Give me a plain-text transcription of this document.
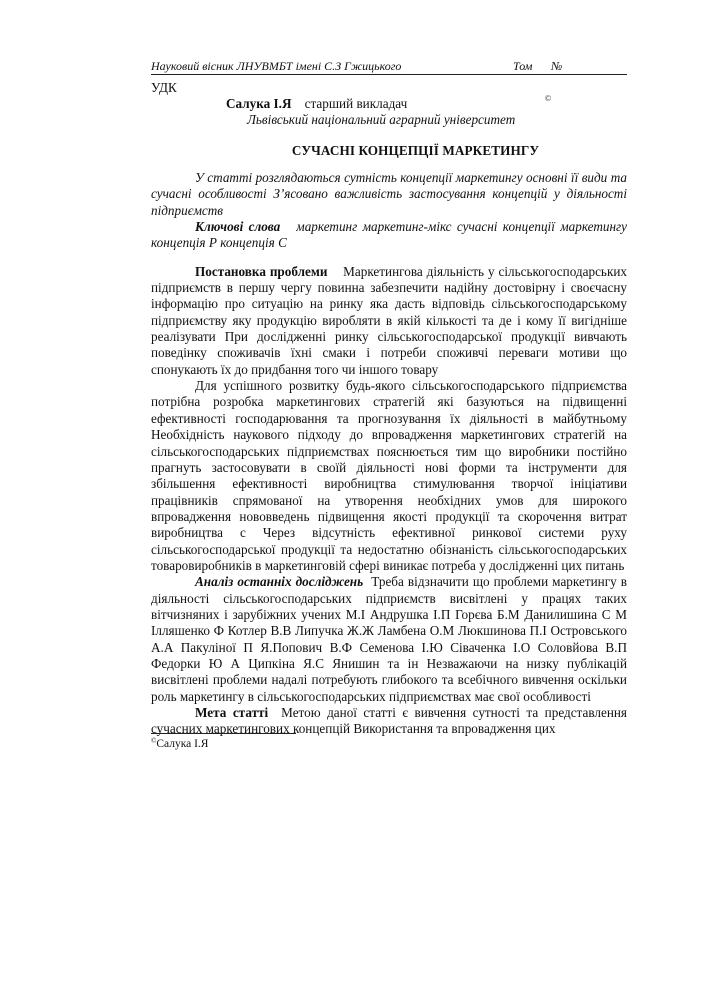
Науковий вісник ЛНУВМБТ імені С.З Гжицького	Том №
УДК
Салука І.Я старший викладач	©
Львівський національний аграрний університет
СУЧАСНІ КОНЦЕПЦІЇ МАРКЕТИНГУ

У статті розглядаються сутність концепції маркетингу основні її види та сучасні особливості З’ясовано важливість застосування концепцій у діяльності підприємств

Ключові слова маркетинг маркетинг-мікс сучасні концепції маркетингу концепція Р концепція С

Постановка проблеми Маркетингова діяльність у сільськогосподарських підприємств в першу чергу повинна забезпечити надійну достовірну і своєчасну інформацію про ситуацію на ринку яка дасть відповідь сільськогосподарському підприємству яку продукцію виробляти в якій кількості та де і кому її вигідніше реалізувати При дослідженні ринку сільськогосподарської продукції вивчають поведінку споживачів їхні смаки і потреби споживчі переваги мотиви що спонукають їх до придбання того чи іншого товару

Для успішного розвитку будь-якого сільськогосподарського підприємства потрібна розробка маркетингових стратегій які базуються на підвищенні ефективності господарювання та прогнозування їх діяльності в майбутньому Необхідність наукового підходу до впровадження маркетингових стратегій на сільськогосподарських підприємствах пояснюється тим що виробники постійно прагнуть застосовувати в своїй діяльності нові форми та інструменти для збільшення ефективності виробництва стимулювання творчої ініціативи працівників спрямованої на утворення необхідних умов для широкого впровадження нововведень підвищення якості продукції та скорочення витрат виробництва с Через відсутність ефективної ринкової системи руху сільськогосподарської продукції та недостатню обізнаність сільськогосподарських товаровиробників в маркетинговій сфері виникає потреба у дослідженні цих питань

Аналіз останніх досліджень Треба відзначити що проблеми маркетингу в діяльності сільськогосподарських підприємств висвітлені у працях таких вітчизняних і зарубіжних учених М.І Андрушка І.П Горєва Б.М Данилишина С М Ілляшенко Ф Котлер В.В Липучка Ж.Ж Ламбена О.М Люкшинова П.І Островського А.А Пакуліної П Я.Попович В.Ф Семенова І.Ю Сіваченка І.О Соловйова В.П Федорки Ю А Ципкіна Я.С Янишин та ін Незважаючи на низку публікацій висвітлені проблеми надалі потребують глибокого та всебічного вивчення оскільки роль маркетингу в сільськогосподарських підприємствах має свої особливості

Мета статті Метою даної статті є вивчення сутності та представлення сучасних маркетингових концепцій Використання та впровадження цих

©Салука І.Я
